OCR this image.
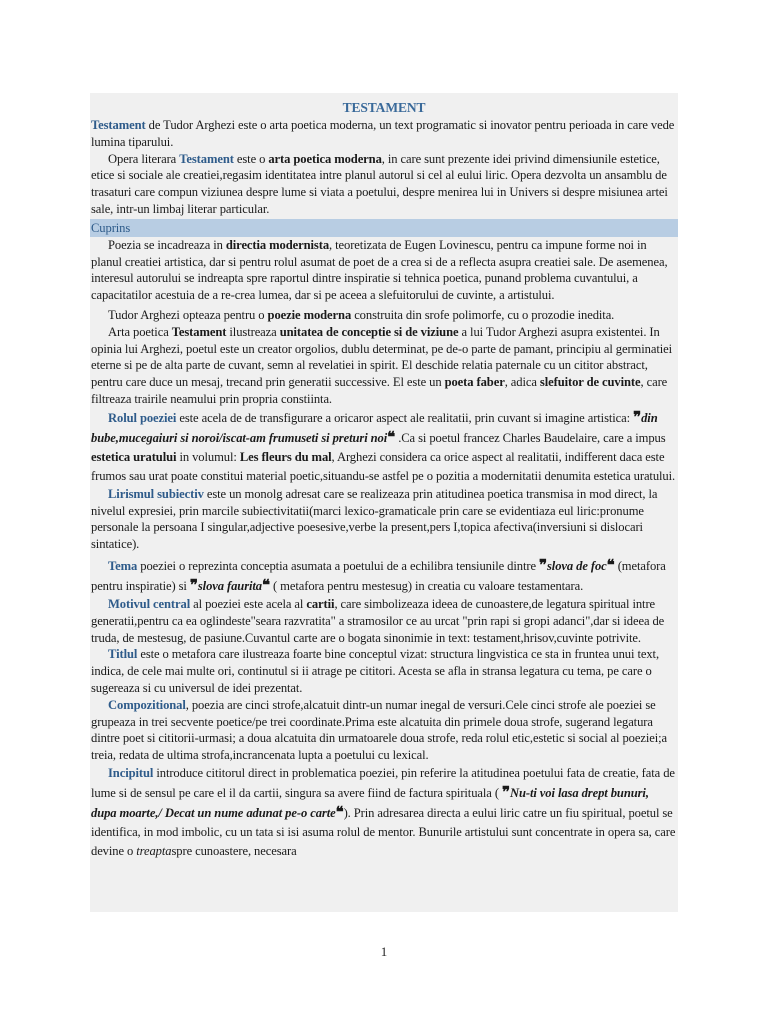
TESTAMENT

Testament de Tudor Arghezi este o arta poetica moderna, un text programatic si inovator pentru perioada in care vede lumina tiparului.

Opera literara Testament este o arta poetica moderna, in care sunt prezente idei privind dimensiunile estetice, etice si sociale ale creatiei,regasim identitatea intre planul autorul si cel al eului liric. Opera dezvolta un ansamblu de trasaturi care compun viziunea despre lume si viata a poetului, despre menirea lui in Univers si despre misiunea artei sale, intr-un limbaj literar particular.

Cuprins

Poezia se incadreaza in directia modernista, teoretizata de Eugen Lovinescu, pentru ca impune forme noi in planul creatiei artistica, dar si pentru rolul asumat de poet de a crea si de a reflecta asupra creatiei sale. De asemenea, interesul autorului se indreapta spre raportul dintre inspiratie si tehnica poetica, punand problema cuvantului, a capacitatilor acestuia de a re-crea lumea, dar si pe aceea a slefuitorului de cuvinte, a artistului.

Tudor Arghezi opteaza pentru o poezie moderna construita din srofe polimorfe, cu o prozodie inedita.

Arta poetica Testament ilustreaza unitatea de conceptie si de viziune a lui Tudor Arghezi asupra existentei. In opinia lui Arghezi, poetul este un creator orgolios, dublu determinat, pe de-o parte de pamant, principiu al germinatiei eterne si pe de alta parte de cuvant, semn al revelatiei in spirit. El deschide relatia paternale cu un cititor abstract, pentru care duce un mesaj, trecand prin generatii successive. El este un poeta faber, adica slefuitor de cuvinte, care filtreaza trairile neamului prin propria constiinta.

Rolul poeziei este acela de de transfigurare a oricaror aspect ale realitatii, prin cuvant si imagine artistica: ❞din bube,mucegaiuri si noroi/iscat-am frumuseti si preturi noi❝ .Ca si poetul francez Charles Baudelaire, care a impus estetica uratului in volumul: Les fleurs du mal, Arghezi considera ca orice aspect al realitatii, indifferent daca este frumos sau urat poate constitui material poetic,situandu-se astfel pe o pozitia a modernitatii denumita estetica uratului.

Lirismul subiectiv este un monolg adresat care se realizeaza prin atitudinea poetica transmisa in mod direct, la nivelul expresiei, prin marcile subiectivitatii(marci lexico-gramaticale prin care se evidentiaza eul liric:pronume personale la persoana I singular,adjective poesesive,verbe la present,pers I,topica afectiva(inversiuni si dislocari sintatice).

Tema poeziei o reprezinta conceptia asumata a poetului de a echilibra tensiunile dintre ❞slova de foc❝ (metafora pentru inspiratie) si ❞slova faurita❝ ( metafora pentru mestesug) in creatia cu valoare testamentara.

Motivul central al poeziei este acela al cartii, care simbolizeaza ideea de cunoastere,de legatura spiritual intre generatii,pentru ca ea oglindeste"seara razvratita" a stramosilor ce au urcat "prin rapi si gropi adanci",dar si ideea de truda, de mestesug, de pasiune.Cuvantul carte are o bogata sinonimie in text: testament,hrisov,cuvinte potrivite.

Titlul este o metafora care ilustreaza foarte bine conceptul vizat: structura lingvistica ce sta in fruntea unui text, indica, de cele mai multe ori, continutul si ii atrage pe cititori. Acesta se afla in stransa legatura cu tema, pe care o sugereaza si cu universul de idei prezentat.

Compozitional, poezia are cinci strofe,alcatuit dintr-un numar inegal de versuri.Cele cinci strofe ale poeziei se grupeaza in trei secvente poetice/pe trei coordinate.Prima este alcatuita din primele doua strofe, sugerand legatura dintre poet si cititorii-urmasi; a doua alcatuita din urmatoarele doua strofe, reda rolul etic,estetic si social al poeziei;a treia, redata de ultima strofa,incrancenata lupta a poetului cu lexical.

Incipitul introduce cititorul direct in problematica poeziei, pin referire la atitudinea poetului fata de creatie, fata de lume si de sensul pe care el il da cartii, singura sa avere fiind de factura spirituala ( ❞Nu-ti voi lasa drept bunuri, dupa moarte,/ Decat un nume adunat pe-o carte❝). Prin adresarea directa a eului liric catre un fiu spiritual, poetul se identifica, in mod imbolic, cu un tata si isi asuma rolul de mentor. Bunurile artistului sunt concentrate in opera sa, care devine o treaptaspre cunoastere, necesara

1
